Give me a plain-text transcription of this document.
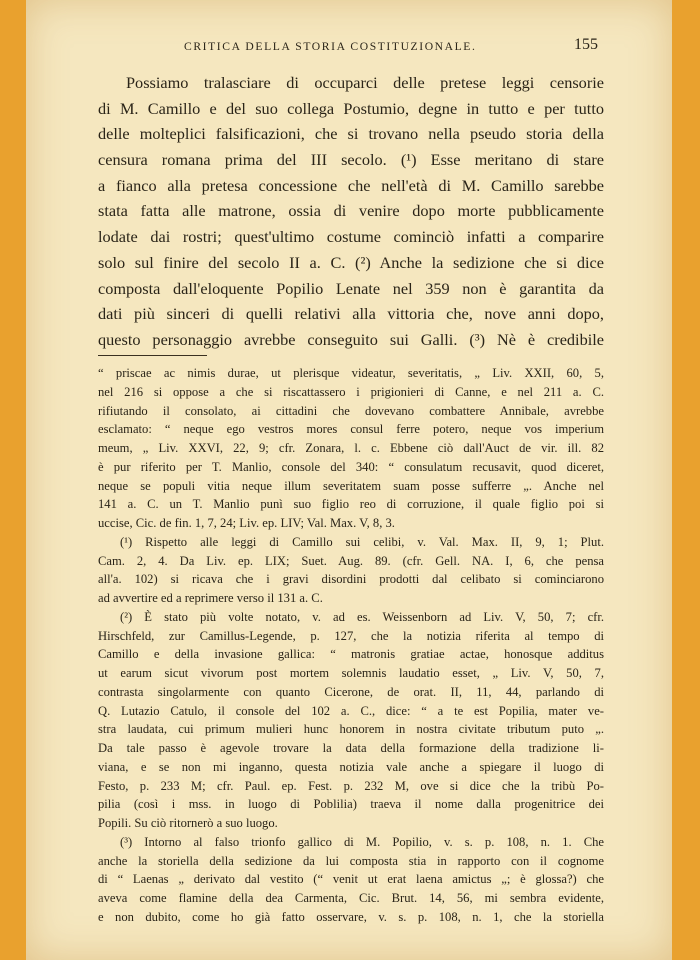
CRITICA DELLA STORIA COSTITUZIONALE.	155
Possiamo tralasciare di occuparci delle pretese leggi censorie
di M. Camillo e del suo collega Postumio, degne in tutto e per tutto
delle molteplici falsificazioni, che si trovano nella pseudo storia della
censura romana prima del III secolo. (¹) Esse meritano di stare
a fianco alla pretesa concessione che nell'età di M. Camillo sarebbe
stata fatta alle matrone, ossia di venire dopo morte pubblicamente
lodate dai rostri; quest'ultimo costume cominciò infatti a comparire
solo sul finire del secolo II a. C. (²) Anche la sedizione che si dice
composta dall'eloquente Popilio Lenate nel 359 non è garantita da
dati più sinceri di quelli relativi alla vittoria che, nove anni dopo,
questo personaggio avrebbe conseguito sui Galli. (³) Nè è credibile
“ priscae ac nimis durae, ut plerisque videatur, severitatis, „ Liv. XXII, 60, 5,
nel 216 si oppose a che si riscattassero i prigionieri di Canne, e nel 211 a. C.
rifiutando il consolato, ai cittadini che dovevano combattere Annibale, avrebbe
esclamato: “ neque ego vestros mores consul ferre potero, neque vos imperium
meum, „ Liv. XXVI, 22, 9; cfr. Zonara, l. c. Ebbene ciò dall'Auct de vir. ill. 82
è pur riferito per T. Manlio, console del 340: “ consulatum recusavit, quod diceret,
neque se populi vitia neque illum severitatem suam posse sufferre „. Anche nel
141 a. C. un T. Manlio punì suo figlio reo di corruzione, il quale figlio poi si
uccise, Cic. de fin. 1, 7, 24; Liv. ep. LIV; Val. Max. V, 8, 3.
(¹) Rispetto alle leggi di Camillo sui celibi, v. Val. Max. II, 9, 1; Plut.
Cam. 2, 4. Da Liv. ep. LIX; Suet. Aug. 89. (cfr. Gell. NA. I, 6, che pensa
all'a. 102) si ricava che i gravi disordini prodotti dal celibato si cominciarono
ad avvertire ed a reprimere verso il 131 a. C.
(²) È stato più volte notato, v. ad es. Weissenborn ad Liv. V, 50, 7; cfr.
Hirschfeld, zur Camillus-Legende, p. 127, che la notizia riferita al tempo di
Camillo e della invasione gallica: “ matronis gratiae actae, honosque additus
ut earum sicut vivorum post mortem solemnis laudatio esset, „ Liv. V, 50, 7,
contrasta singolarmente con quanto Cicerone, de orat. II, 11, 44, parlando di
Q. Lutazio Catulo, il console del 102 a. C., dice: “ a te est Popilia, mater ve-
stra laudata, cui primum mulieri hunc honorem in nostra civitate tributum puto „.
Da tale passo è agevole trovare la data della formazione della tradizione li-
viana, e se non mi inganno, questa notizia vale anche a spiegare il luogo di
Festo, p. 233 M; cfr. Paul. ep. Fest. p. 232 M, ove si dice che la tribù Po-
pilia (così i mss. in luogo di Poblilia) traeva il nome dalla progenitrice dei
Popili. Su ciò ritornerò a suo luogo.
(³) Intorno al falso trionfo gallico di M. Popilio, v. s. p. 108, n. 1. Che
anche la storiella della sedizione da lui composta stia in rapporto con il cognome
di “ Laenas „ derivato dal vestito (“ venit ut erat laena amictus „; è glossa?) che
aveva come flamine della dea Carmenta, Cic. Brut. 14, 56, mi sembra evidente,
e non dubito, come ho già fatto osservare, v. s. p. 108, n. 1, che la storiella
